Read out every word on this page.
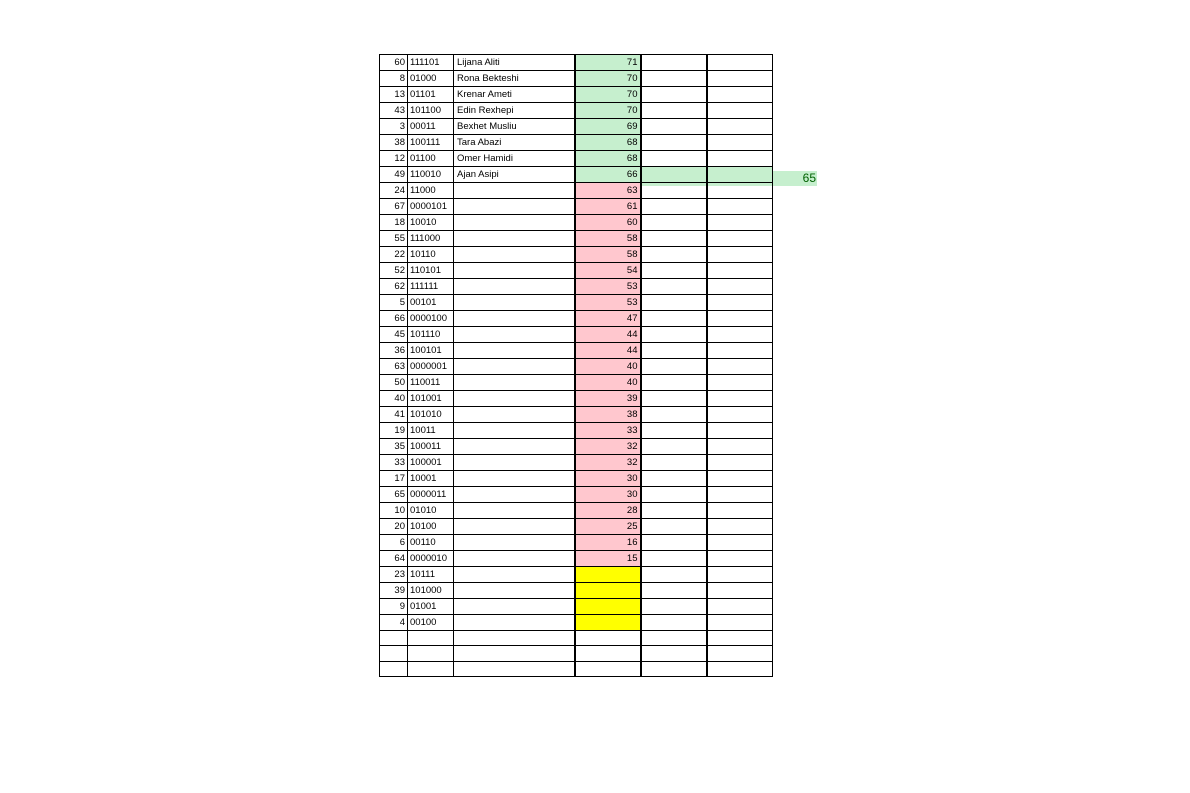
65
60	111101	Lijana Aliti	71		
8	01000	Rona Bekteshi	70		
13	01101	Krenar Ameti	70		
43	101100	Edin Rexhepi	70		
3	00011	Bexhet Musliu	69		
38	100111	Tara Abazi	68		
12	01100	Omer Hamidi	68		
49	110010	Ajan Asipi	66		
24	11000		63		
67	0000101		61		
18	10010		60		
55	111000		58		
22	10110		58		
52	110101		54		
62	111111		53		
5	00101		53		
66	0000100		47		
45	101110		44		
36	100101		44		
63	0000001		40		
50	110011		40		
40	101001		39		
41	101010		38		
19	10011		33		
35	100011		32		
33	100001		32		
17	10001		30		
65	0000011		30		
10	01010		28		
20	10100		25		
6	00110		16		
64	0000010		15		
23	10111				
39	101000				
9	01001				
4	00100				
